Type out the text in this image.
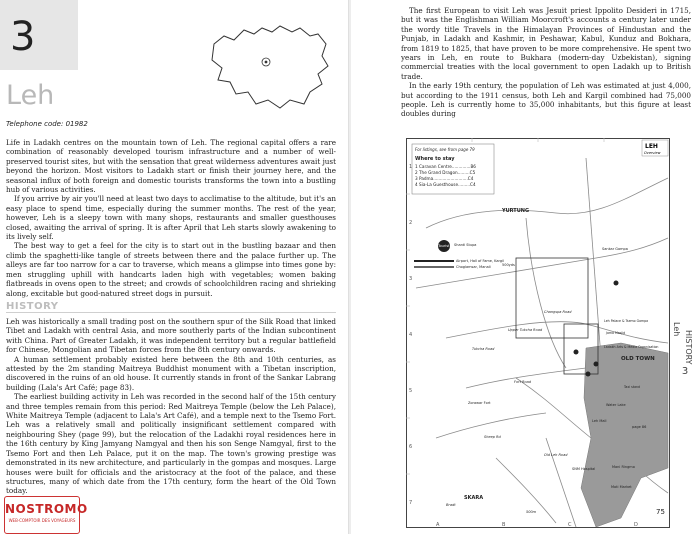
3
Leh
Telephone code: 01982

Life in Ladakh centres on the mountain town of Leh. The regional capital offers a rare combination of reasonably developed tourism infrastructure and a number of well-preserved tourist sites, but with the sensation that great wilderness adventures await just beyond the horizon. Most visitors to Ladakh start or finish their journey here, and the seasonal influx of both foreign and domestic tourists transforms the town into a bustling hub of various activities.

If you arrive by air you'll need at least two days to acclimatise to the altitude, but it's an easy place to spend time, especially during the summer months. The rest of the year, however, Leh is a sleepy town with many shops, restaurants and smaller guesthouses closed, awaiting the arrival of spring. It is after April that Leh starts slowly awakening to its lively self.

The best way to get a feel for the city is to start out in the bustling bazaar and then climb the spaghetti-like tangle of streets between there and the palace further up. The alleys are far too narrow for a car to traverse, which means a glimpse into times gone by: men struggling uphill with handcarts laden high with vegetables; women baking flatbreads in ovens open to the street; and crowds of schoolchildren racing and shrieking along, excitable but good-natured street dogs in pursuit.

HISTORY

Leh was historically a small trading post on the southern spur of the Silk Road that linked Tibet and Ladakh with central Asia, and more southerly parts of the Indian subcontinent with China. Part of Greater Ladakh, it was independent territory but a regular battlefield for Chinese, Mongolian and Tibetan forces from the 8th century onwards.

A human settlement probably existed here between the 8th and 10th centuries, as attested by the 2m standing Maitreya Buddhist monument with a Tibetan inscription, discovered in the ruins of an old house. It currently stands in front of the Sankar Labrang building (Lala's Art Café; page 83).

The earliest building activity in Leh was recorded in the second half of the 15th century and three temples remain from this period: Red Maitreya Temple (below the Leh Palace), White Maitreya Temple (adjacent to Lala's Art Café), and a temple next to the Tsemo Fort. Leh was a relatively small and politically insignificant settlement compared with neighbouring Shey (page 99), but the relocation of the Ladakhi royal residences here in the 16th century by King Jamyang Namgyal and then his son Senge Namgyal, first to the Tsemo Fort and then Leh Palace, put it on the map. The town's growing prestige was demonstrated in its new architecture, and particularly in the gompas and mosques. Large houses were built for officials and the aristocracy at the foot of the palace, and these structures, many of which date from the 17th century, form the heart of the Old Town today.

NOSTROMO
WEB·COMPTOIR DES VOYAGEURS

The first European to visit Leh was Jesuit priest Ippolito Desideri in 1715, but it was the Englishman William Moorcroft's accounts a century later under the wordy title Travels in the Himalayan Provinces of Hindustan and the Punjab, in Ladakh and Kashmir, in Peshawar, Kabul, Kunduz and Bokhara, from 1819 to 1825, that have proven to be more comprehensive. He spent two years in Leh, en route to Bukhara (modern-day Uzbekistan), signing commercial treaties with the local government to open Ladakh up to British trade.

In the early 19th century, the population of Leh was estimated at just 4,000, but according to the 1911 census, both Leh and Kargil combined had 75,000 people. Leh is currently home to 35,000 inhabitants, but this figure at least doubles during

A	B	C	D
1
2
3
4
5
6
7
For listings, see from page 79
Where to stay
1 Caravan Centre..............B6
2 The Grand Dragon.........C5
3 Padma..........................C4
4 Sia-La Guesthouse.........C4
LEH
Overview
Tourist Office
Airport, Hall of Fame, Kargil
Choglamsar, Manali
YURTUNG
OLD TOWN
SKARA
Shanti Stupa
Sankar Gompa
Changspa Road
Upper Tukcha Road
Fort Road
Old Leh Road
Tukcha Road
Leh Palace & Tsemo Gompa
Jama Masjid
Ladakh Arts & Media Organisation
Leh Mall
Zorawar Fort	Water Lake
Moti Market
SNM Hospital	Mani Ringmo
Bradt
500m
Sheep Rd
500yds
page 86
Taxi stand
Leh
HISTORY
3
75
